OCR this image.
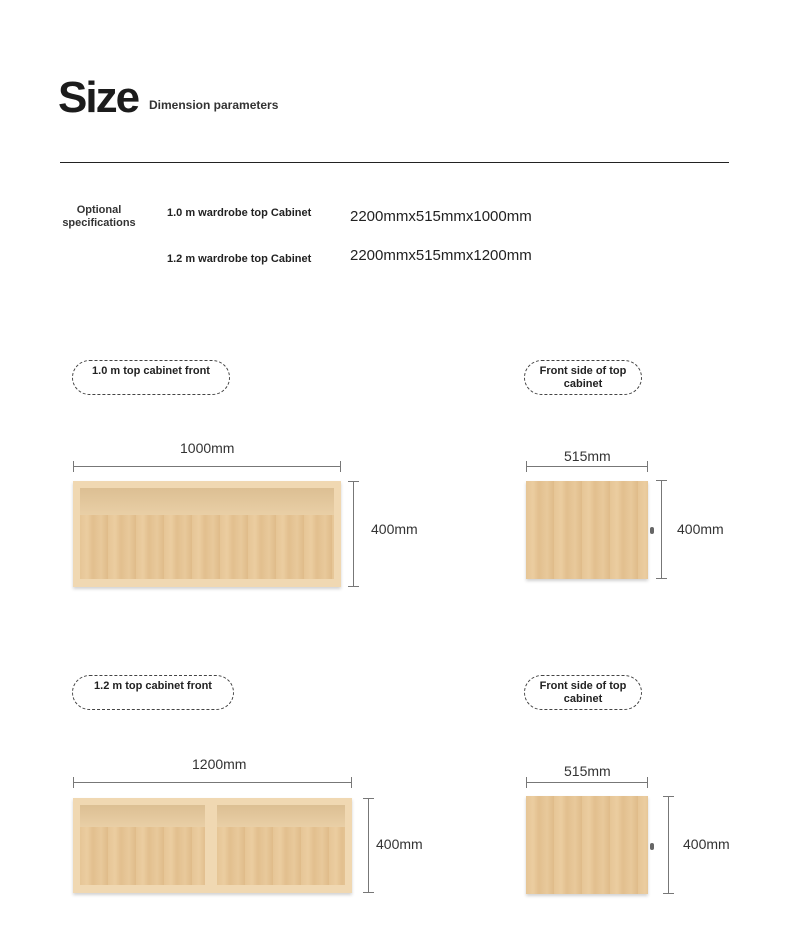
Size Dimension parameters
Optional specifications
1.0 m wardrobe top Cabinet	2200mmx515mmx1000mm
1.2 m wardrobe top Cabinet	2200mmx515mmx1200mm
1.0 m top cabinet front
1000mm
400mm
Front side of top cabinet
515mm
400mm
1.2 m top cabinet front
1200mm
400mm
Front side of top cabinet
515mm
400mm
